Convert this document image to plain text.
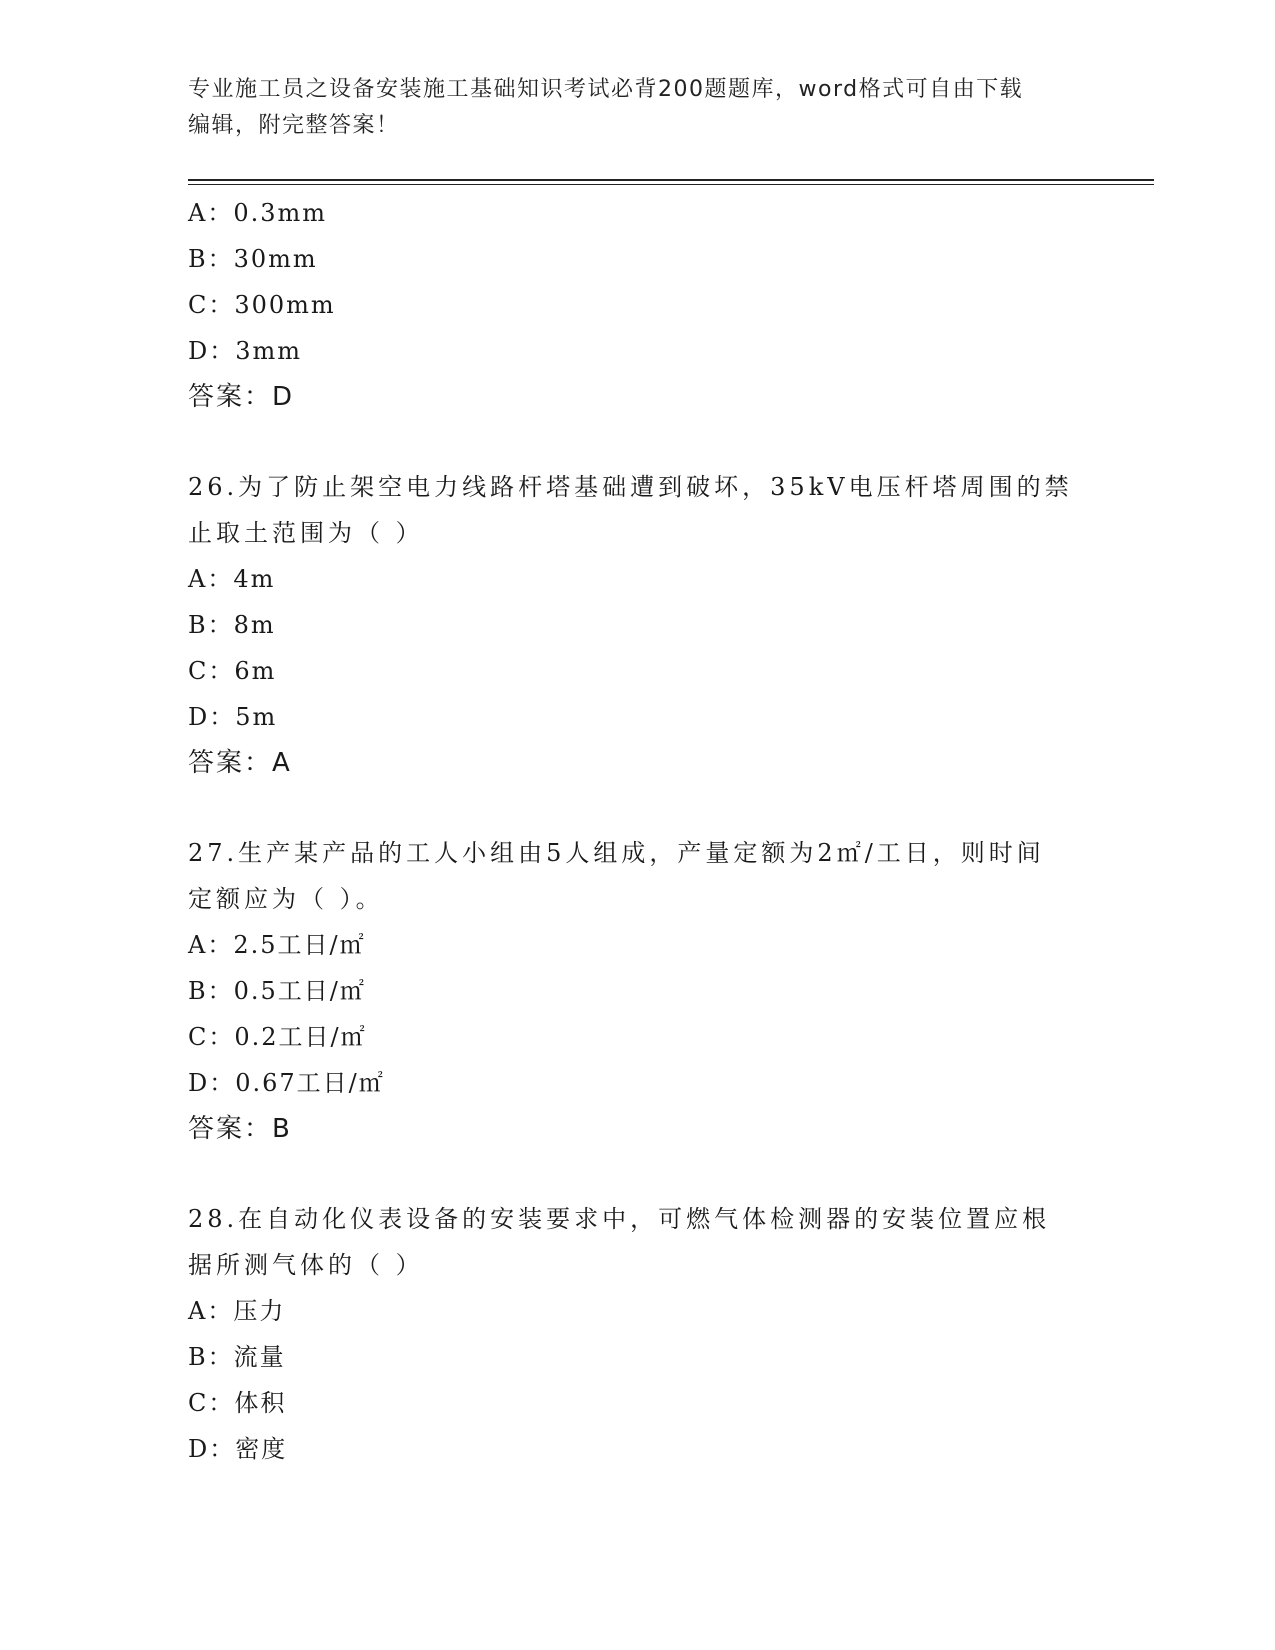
专业施工员之设备安装施工基础知识考试必背200题题库，word格式可自由下载
编辑，附完整答案！
A：0.3mm
B：30mm
C：300mm
D：3mm
答案：D
26.为了防止架空电力线路杆塔基础遭到破坏，35kV电压杆塔周围的禁
止取土范围为（ ）
A：4m
B：8m
C：6m
D：5m
答案：A
27.生产某产品的工人小组由5人组成，产量定额为2㎡/工日，则时间
定额应为（ ）。
A：2.5工日/㎡
B：0.5工日/㎡
C：0.2工日/㎡
D：0.67工日/㎡
答案：B
28.在自动化仪表设备的安装要求中，可燃气体检测器的安装位置应根
据所测气体的（ ）
A：压力
B：流量
C：体积
D：密度
